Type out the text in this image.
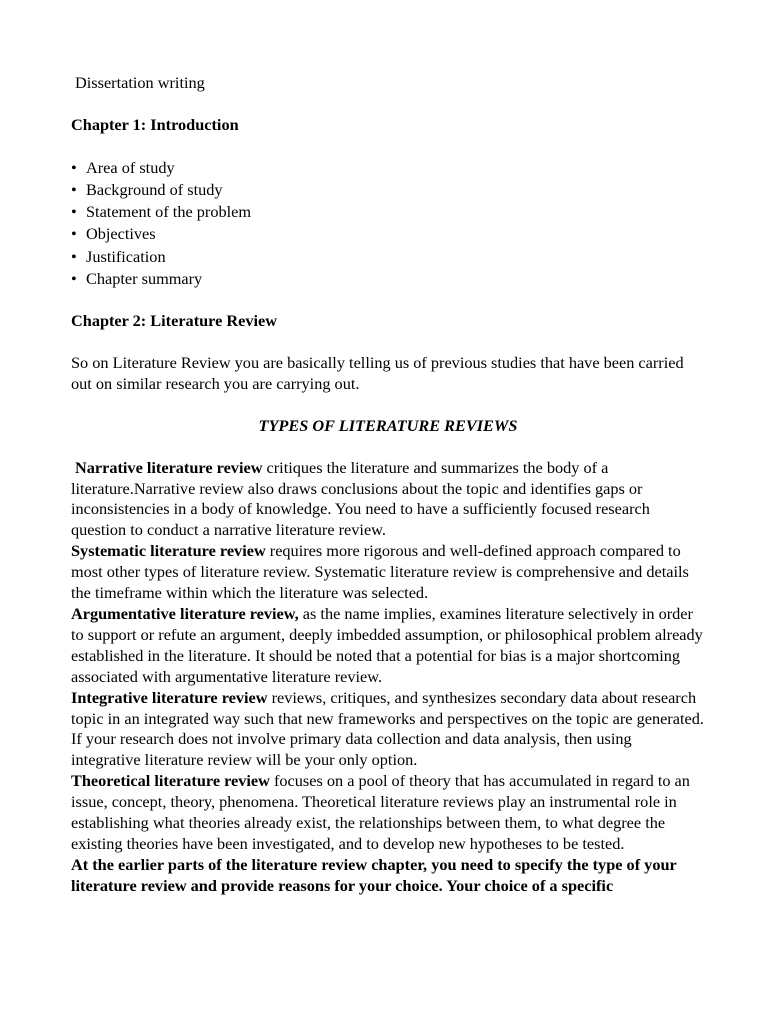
Dissertation writing

Chapter 1: Introduction

• Area of study
• Background of study
• Statement of the problem
• Objectives
• Justification
• Chapter summary

Chapter 2: Literature Review

So on Literature Review you are basically telling us of previous studies that have been carried out on similar research you are carrying out.

TYPES OF LITERATURE REVIEWS

Narrative literature review critiques the literature and summarizes the body of a literature.Narrative review also draws conclusions about the topic and identifies gaps or inconsistencies in a body of knowledge. You need to have a sufficiently focused research question to conduct a narrative literature review.

Systematic literature review requires more rigorous and well-defined approach compared to most other types of literature review. Systematic literature review is comprehensive and details the timeframe within which the literature was selected.

Argumentative literature review, as the name implies, examines literature selectively in order to support or refute an argument, deeply imbedded assumption, or philosophical problem already established in the literature. It should be noted that a potential for bias is a major shortcoming associated with argumentative literature review.

Integrative literature review reviews, critiques, and synthesizes secondary data about research topic in an integrated way such that new frameworks and perspectives on the topic are generated. If your research does not involve primary data collection and data analysis, then using integrative literature review will be your only option.

Theoretical literature review focuses on a pool of theory that has accumulated in regard to an issue, concept, theory, phenomena. Theoretical literature reviews play an instrumental role in establishing what theories already exist, the relationships between them, to what degree the existing theories have been investigated, and to develop new hypotheses to be tested.

At the earlier parts of the literature review chapter, you need to specify the type of your literature review and provide reasons for your choice. Your choice of a specific
